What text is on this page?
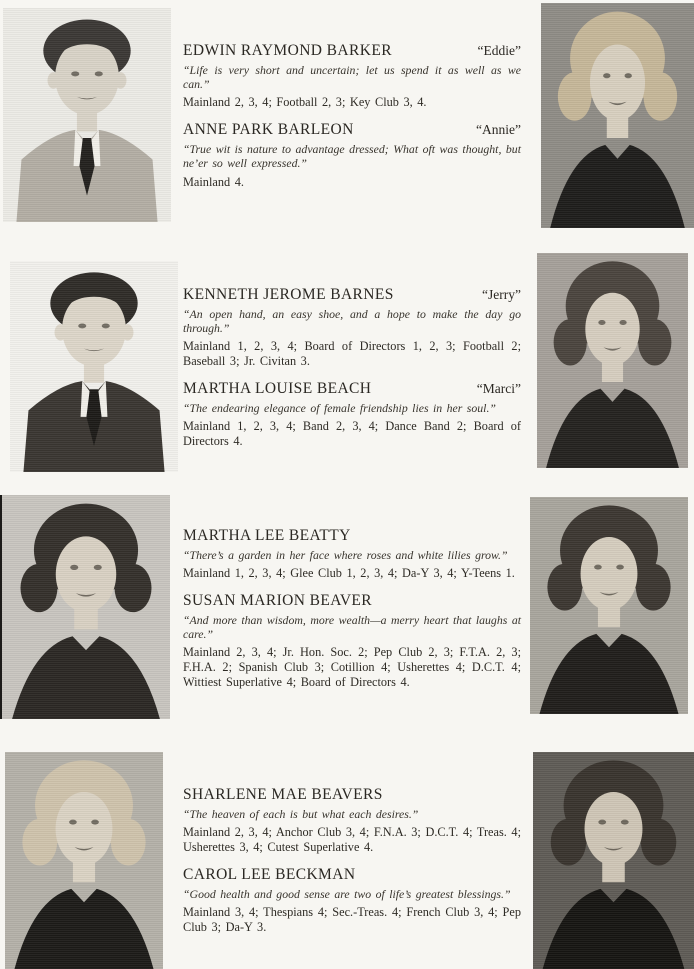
EDWIN RAYMOND BARKER	“Eddie”
“Life is very short and uncertain; let us spend it as well as we can.”
Mainland 2, 3, 4; Football 2, 3; Key Club 3, 4.
ANNE PARK BARLEON	“Annie”
“True wit is nature to advantage dressed; What oft was thought, but ne’er so well expressed.”
Mainland 4.
KENNETH JEROME BARNES	“Jerry”
“An open hand, an easy shoe, and a hope to make the day go through.”
Mainland 1, 2, 3, 4; Board of Directors 1, 2, 3; Football 2; Baseball 3; Jr. Civitan 3.
MARTHA LOUISE BEACH	“Marci”
“The endearing elegance of female friendship lies in her soul.”
Mainland 1, 2, 3, 4; Band 2, 3, 4; Dance Band 2; Board of Directors 4.
MARTHA LEE BEATTY
“There’s a garden in her face where roses and white lilies grow.”
Mainland 1, 2, 3, 4; Glee Club 1, 2, 3, 4; Da-Y 3, 4; Y-Teens 1.
SUSAN MARION BEAVER
“And more than wisdom, more wealth—a merry heart that laughs at care.”
Mainland 2, 3, 4; Jr. Hon. Soc. 2; Pep Club 2, 3; F.T.A. 2, 3; F.H.A. 2; Spanish Club 3; Cotillion 4; Usherettes 4; D.C.T. 4; Wittiest Superlative 4; Board of Directors 4.
SHARLENE MAE BEAVERS
“The heaven of each is but what each desires.”
Mainland 2, 3, 4; Anchor Club 3, 4; F.N.A. 3; D.C.T. 4; Treas. 4; Usherettes 3, 4; Cutest Superlative 4.
CAROL LEE BECKMAN
“Good health and good sense are two of life’s greatest blessings.”
Mainland 3, 4; Thespians 4; Sec.-Treas. 4; French Club 3, 4; Pep Club 3; Da-Y 3.
